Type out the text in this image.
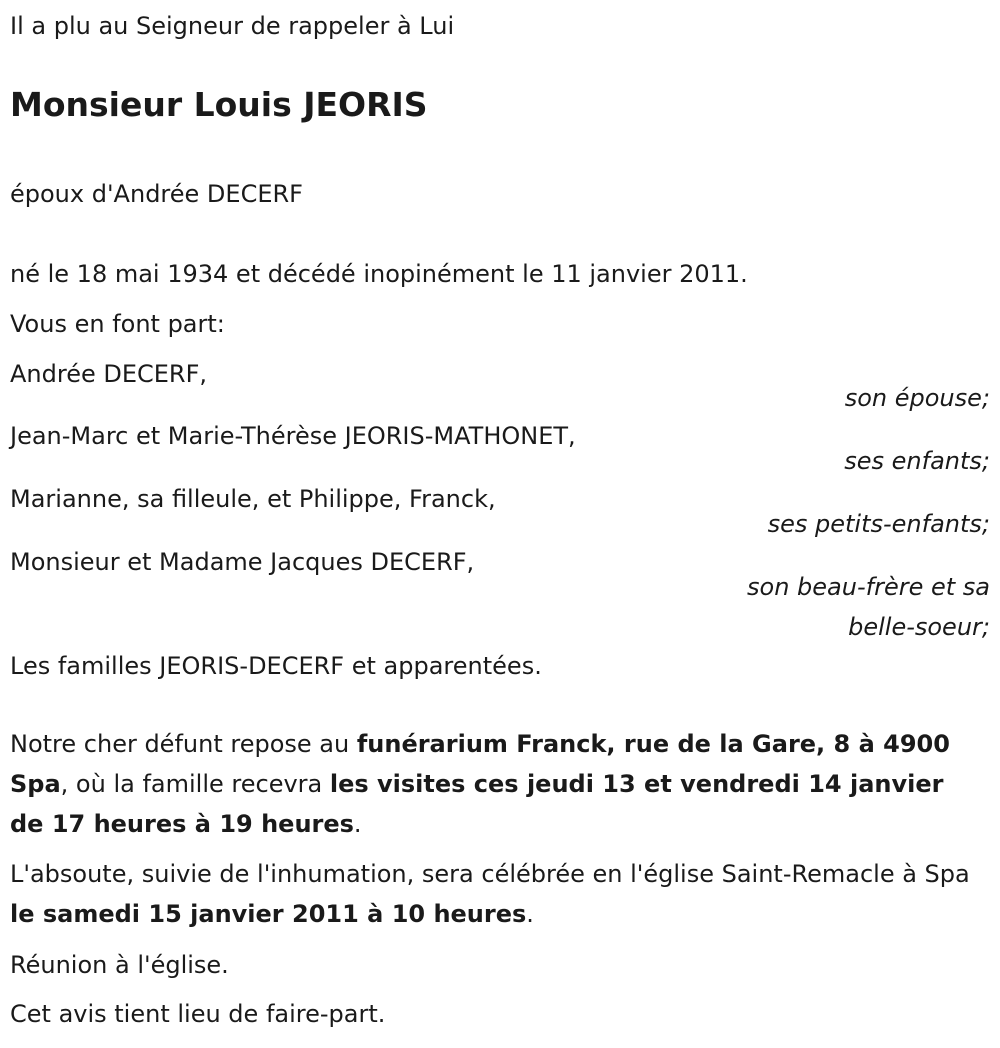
Il a plu au Seigneur de rappeler à Lui
Monsieur Louis JEORIS
époux d'Andrée DECERF
né le 18 mai 1934 et décédé inopinément le 11 janvier 2011.
Vous en font part:
Andrée DECERF,
son épouse;
Jean-Marc et Marie-Thérèse JEORIS-MATHONET,
ses enfants;
Marianne, sa filleule, et Philippe, Franck,
ses petits-enfants;
Monsieur et Madame Jacques DECERF,
son beau-frère et sa
belle-soeur;
Les familles JEORIS-DECERF et apparentées.
Notre cher défunt repose au funérarium Franck, rue de la Gare, 8 à 4900 Spa, où la famille recevra les visites ces jeudi 13 et vendredi 14 janvier de 17 heures à 19 heures.
L'absoute, suivie de l'inhumation, sera célébrée en l'église Saint-Remacle à Spa le samedi 15 janvier 2011 à 10 heures.
Réunion à l'église.
Cet avis tient lieu de faire-part.
